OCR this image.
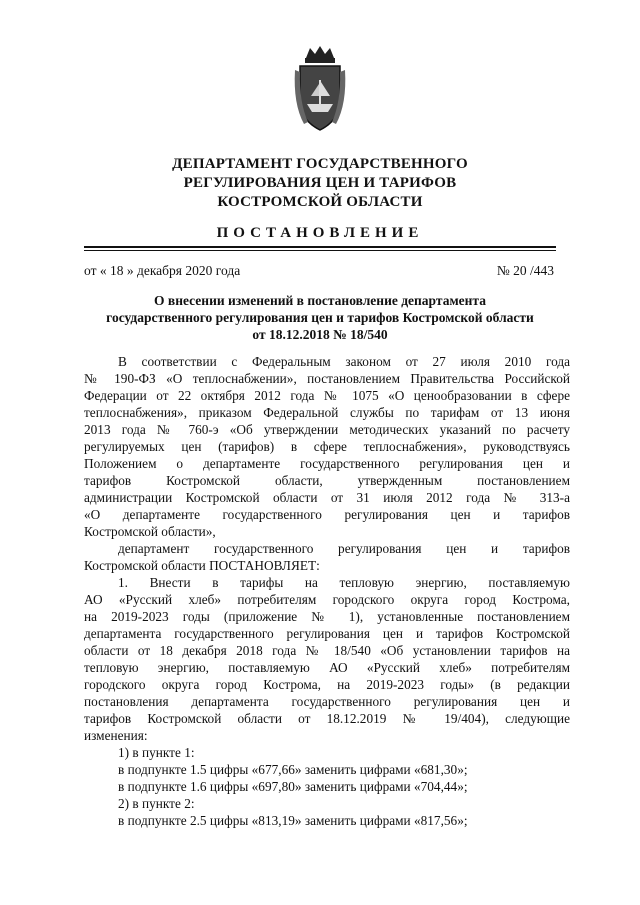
ДЕПАРТАМЕНТ ГОСУДАРСТВЕННОГО
РЕГУЛИРОВАНИЯ ЦЕН И ТАРИФОВ
КОСТРОМСКОЙ ОБЛАСТИ
ПОСТАНОВЛЕНИЕ
от « 18 » декабря 2020 года	№ 20 /443
О внесении изменений в постановление департамента
государственного регулирования цен и тарифов Костромской области
от 18.12.2018 № 18/540

В соответствии с Федеральным законом от 27 июля 2010 года

№ 190-ФЗ «О теплоснабжении», постановлением Правительства Российской

Федерации от 22 октября 2012 года № 1075 «О ценообразовании в сфере

теплоснабжения», приказом Федеральной службы по тарифам от 13 июня

2013 года № 760-э «Об утверждении методических указаний по расчету

регулируемых цен (тарифов) в сфере теплоснабжения», руководствуясь

Положением о департаменте государственного регулирования цен и

тарифов Костромской области, утвержденным постановлением

администрации Костромской области от 31 июля 2012 года № 313-а

«О департаменте государственного регулирования цен и тарифов

Костромской области»,

департамент государственного регулирования цен и тарифов

Костромской области ПОСТАНОВЛЯЕТ:

1. Внести в тарифы на тепловую энергию, поставляемую

АО «Русский хлеб» потребителям городского округа город Кострома,

на 2019-2023 годы (приложение № 1), установленные постановлением

департамента государственного регулирования цен и тарифов Костромской

области от 18 декабря 2018 года № 18/540 «Об установлении тарифов на

тепловую энергию, поставляемую АО «Русский хлеб» потребителям

городского округа город Кострома, на 2019-2023 годы» (в редакции

постановления департамента государственного регулирования цен и

тарифов Костромской области от 18.12.2019 № 19/404), следующие

изменения:

1) в пункте 1:

в подпункте 1.5 цифры «677,66» заменить цифрами «681,30»;

в подпункте 1.6 цифры «697,80» заменить цифрами «704,44»;

2) в пункте 2:

в подпункте 2.5 цифры «813,19» заменить цифрами «817,56»;
